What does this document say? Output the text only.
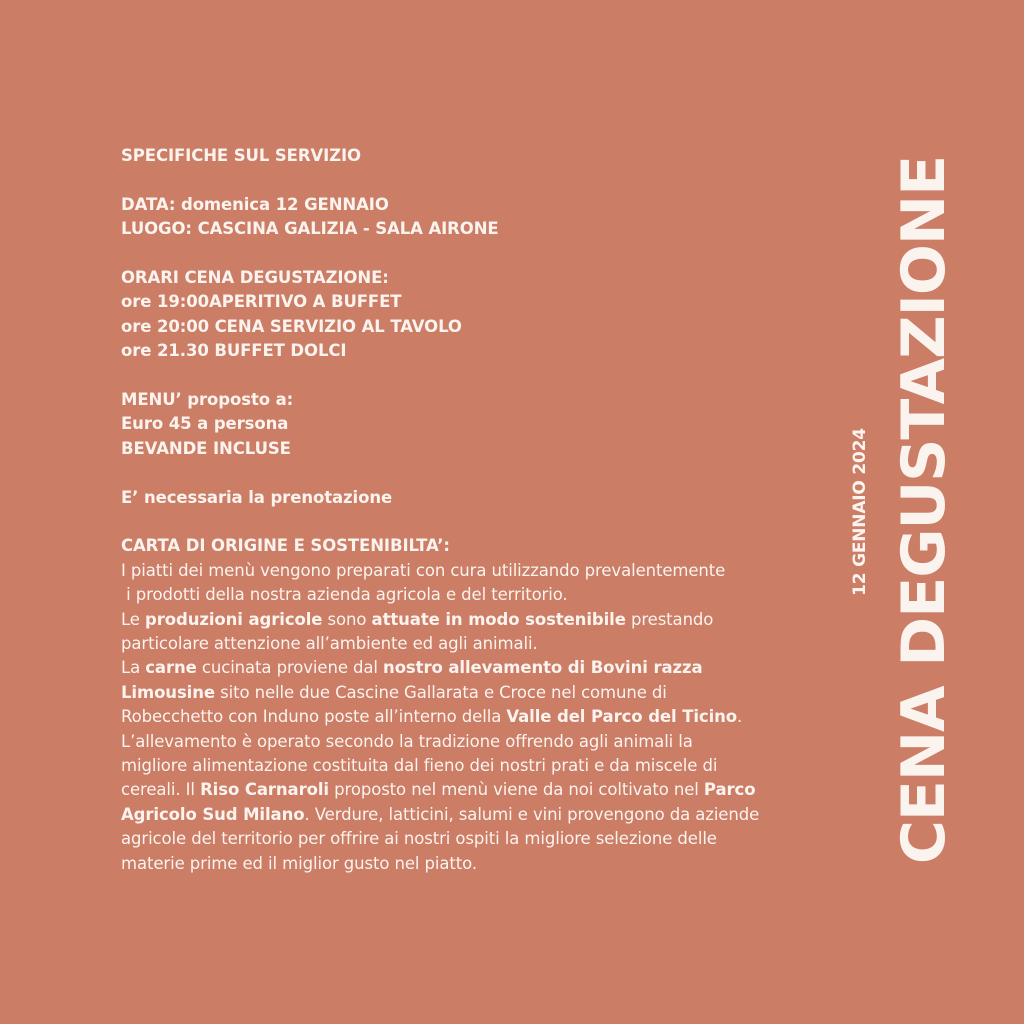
SPECIFICHE SUL SERVIZIO
DATA: domenica 12 GENNAIO
LUOGO: CASCINA GALIZIA - SALA AIRONE
ORARI CENA DEGUSTAZIONE:
ore 19:00APERITIVO A BUFFET
ore 20:00 CENA SERVIZIO AL TAVOLO
ore 21.30 BUFFET DOLCI
MENU’ proposto a:
Euro 45 a persona
BEVANDE INCLUSE
E’ necessaria la prenotazione
CARTA DI ORIGINE E SOSTENIBILTA’:
I piatti dei menù vengono preparati con cura utilizzando prevalentemente
i prodotti della nostra azienda agricola e del territorio.
Le produzioni agricole sono attuate in modo sostenibile prestando
particolare attenzione all’ambiente ed agli animali.
La carne cucinata proviene dal nostro allevamento di Bovini razza
Limousine sito nelle due Cascine Gallarata e Croce nel comune di
Robecchetto con Induno poste all’interno della Valle del Parco del Ticino.
L’allevamento è operato secondo la tradizione offrendo agli animali la
migliore alimentazione costituita dal fieno dei nostri prati e da miscele di
cereali. Il Riso Carnaroli proposto nel menù viene da noi coltivato nel Parco
Agricolo Sud Milano. Verdure, latticini, salumi e vini provengono da aziende
agricole del territorio per offrire ai nostri ospiti la migliore selezione delle
materie prime ed il miglior gusto nel piatto.
12 GENNAIO 2024 CENA DEGUSTAZIONE
